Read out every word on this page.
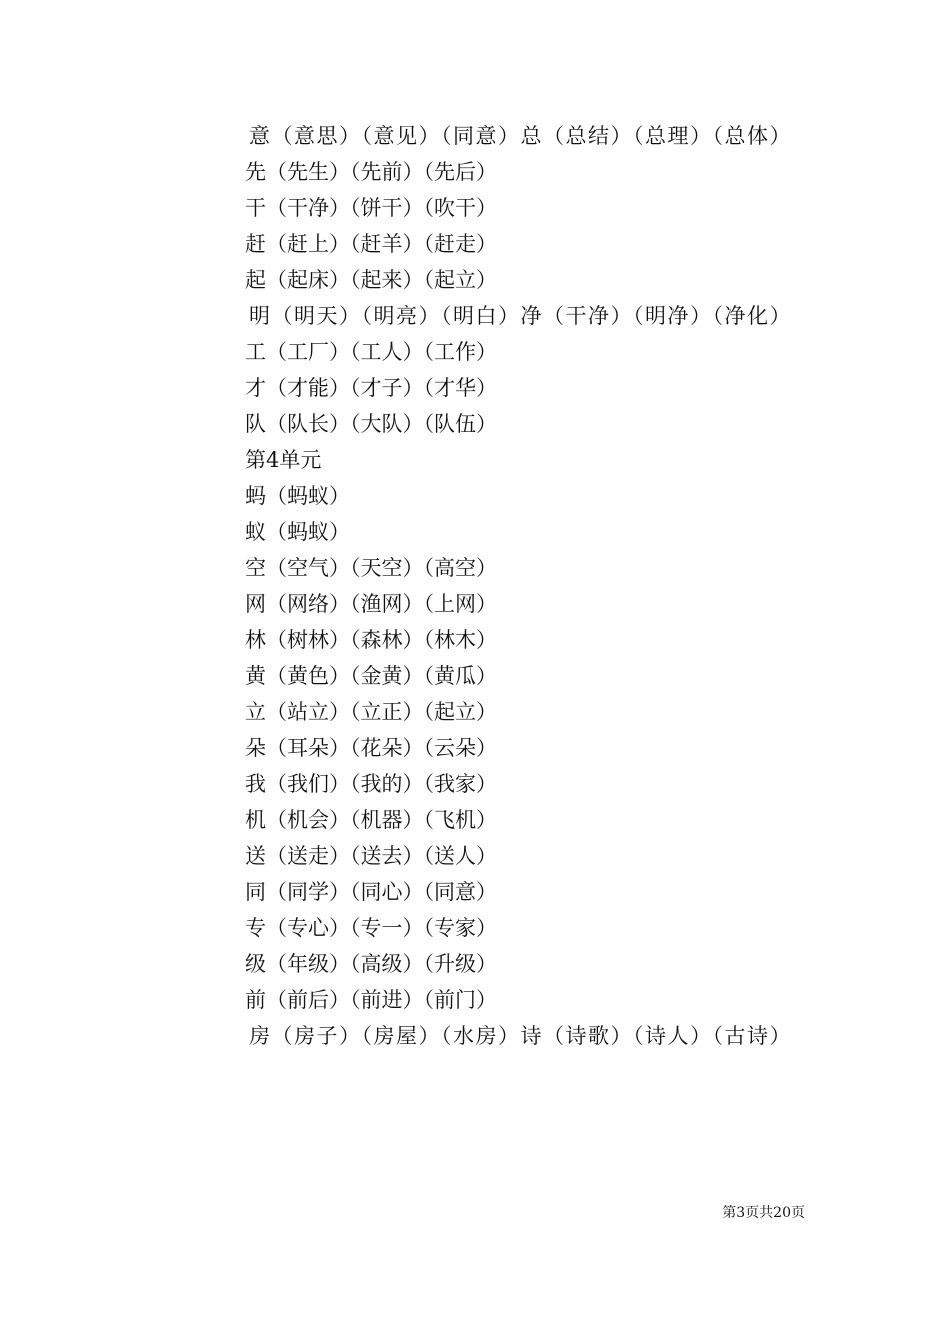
意（意思）（意见）（同意）总（总结）（总理）（总体）
先（先生）（先前）（先后）
干（干净）（饼干）（吹干）
赶（赶上）（赶羊）（赶走）
起（起床）（起来）（起立）
明（明天）（明亮）（明白）净（干净）（明净）（净化）
工（工厂）（工人）（工作）
才（才能）（才子）（才华）
队（队长）（大队）（队伍）
第4单元
蚂（蚂蚁）
蚁（蚂蚁）
空（空气）（天空）（高空）
网（网络）（渔网）（上网）
林（树林）（森林）（林木）
黄（黄色）（金黄）（黄瓜）
立（站立）（立正）（起立）
朵（耳朵）（花朵）（云朵）
我（我们）（我的）（我家）
机（机会）（机器）（飞机）
送（送走）（送去）（送人）
同（同学）（同心）（同意）
专（专心）（专一）（专家）
级（年级）（高级）（升级）
前（前后）（前进）（前门）
房（房子）（房屋）（水房）诗（诗歌）（诗人）（古诗）
第3页共20页
